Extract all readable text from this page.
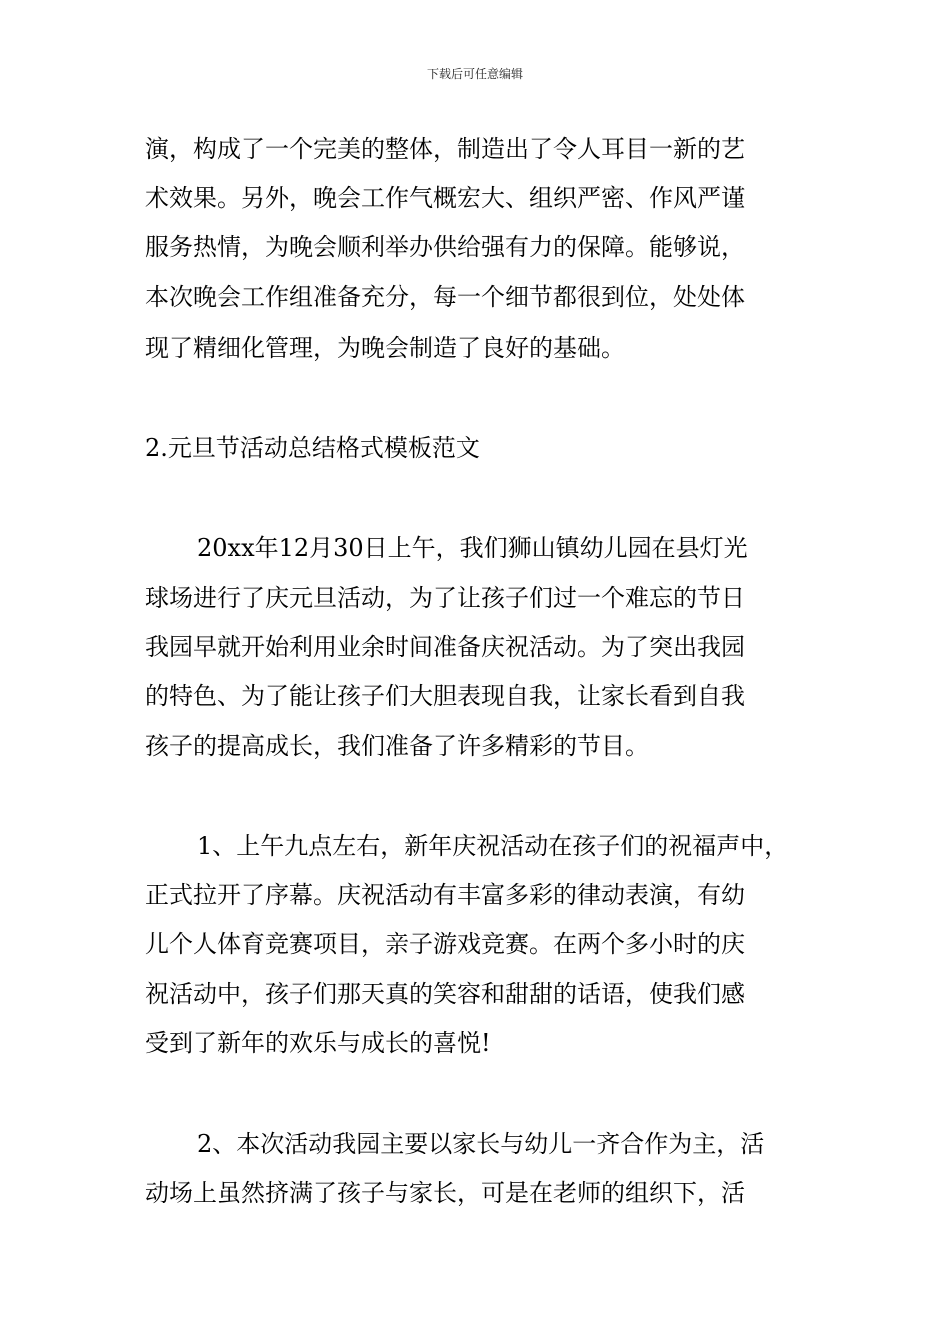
下载后可任意编辑
演，构成了一个完美的整体，制造出了令人耳目一新的艺
术效果。另外，晚会工作气概宏大、组织严密、作风严谨
服务热情，为晚会顺利举办供给强有力的保障。能够说，
本次晚会工作组准备充分，每一个细节都很到位，处处体
现了精细化管理，为晚会制造了良好的基础。
2.元旦节活动总结格式模板范文
20xx年12月30日上午，我们狮山镇幼儿园在县灯光
球场进行了庆元旦活动，为了让孩子们过一个难忘的节日
我园早就开始利用业余时间准备庆祝活动。为了突出我园
的特色、为了能让孩子们大胆表现自我，让家长看到自我
孩子的提高成长，我们准备了许多精彩的节目。
1、上午九点左右，新年庆祝活动在孩子们的祝福声中，
正式拉开了序幕。庆祝活动有丰富多彩的律动表演，有幼
儿个人体育竞赛项目，亲子游戏竞赛。在两个多小时的庆
祝活动中，孩子们那天真的笑容和甜甜的话语，使我们感
受到了新年的欢乐与成长的喜悦!
2、本次活动我园主要以家长与幼儿一齐合作为主，活
动场上虽然挤满了孩子与家长，可是在老师的组织下，活
